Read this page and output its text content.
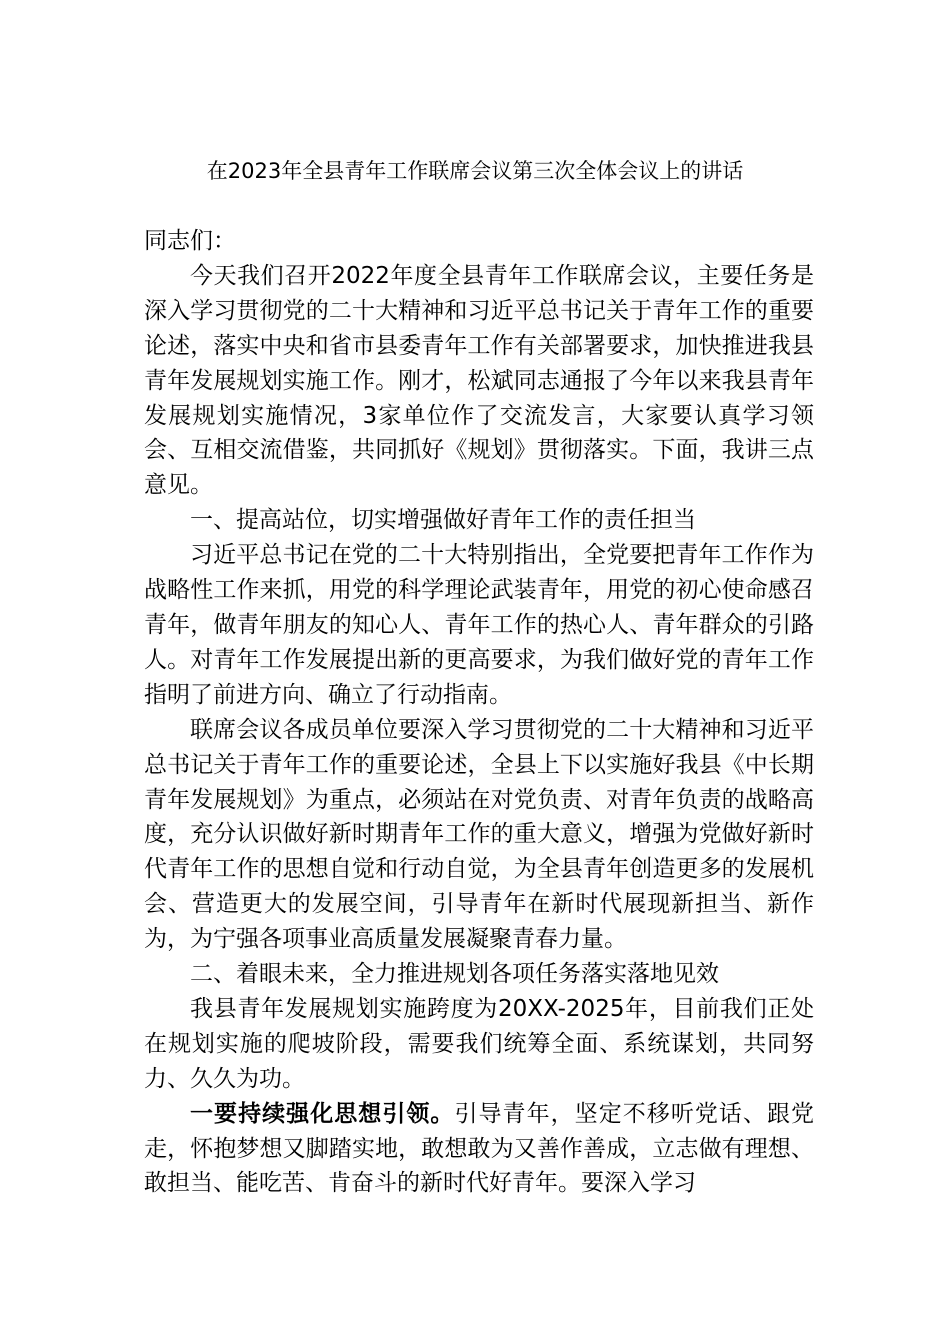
在2023年全县青年工作联席会议第三次全体会议上的讲话

同志们：

今天我们召开2022年度全县青年工作联席会议，主要任务是深入学习贯彻党的二十大精神和习近平总书记关于青年工作的重要论述，落实中央和省市县委青年工作有关部署要求，加快推进我县青年发展规划实施工作。刚才，松斌同志通报了今年以来我县青年发展规划实施情况，3家单位作了交流发言，大家要认真学习领会、互相交流借鉴，共同抓好《规划》贯彻落实。下面，我讲三点意见。

一、提高站位，切实增强做好青年工作的责任担当

习近平总书记在党的二十大特别指出，全党要把青年工作作为战略性工作来抓，用党的科学理论武装青年，用党的初心使命感召青年，做青年朋友的知心人、青年工作的热心人、青年群众的引路人。对青年工作发展提出新的更高要求，为我们做好党的青年工作指明了前进方向、确立了行动指南。

联席会议各成员单位要深入学习贯彻党的二十大精神和习近平总书记关于青年工作的重要论述，全县上下以实施好我县《中长期青年发展规划》为重点，必须站在对党负责、对青年负责的战略高度，充分认识做好新时期青年工作的重大意义，增强为党做好新时代青年工作的思想自觉和行动自觉，为全县青年创造更多的发展机会、营造更大的发展空间，引导青年在新时代展现新担当、新作为，为宁强各项事业高质量发展凝聚青春力量。

二、着眼未来，全力推进规划各项任务落实落地见效

我县青年发展规划实施跨度为20XX-2025年，目前我们正处在规划实施的爬坡阶段，需要我们统筹全面、系统谋划，共同努力、久久为功。

一要持续强化思想引领。引导青年，坚定不移听党话、跟党走，怀抱梦想又脚踏实地，敢想敢为又善作善成，立志做有理想、敢担当、能吃苦、肯奋斗的新时代好青年。要深入学习
